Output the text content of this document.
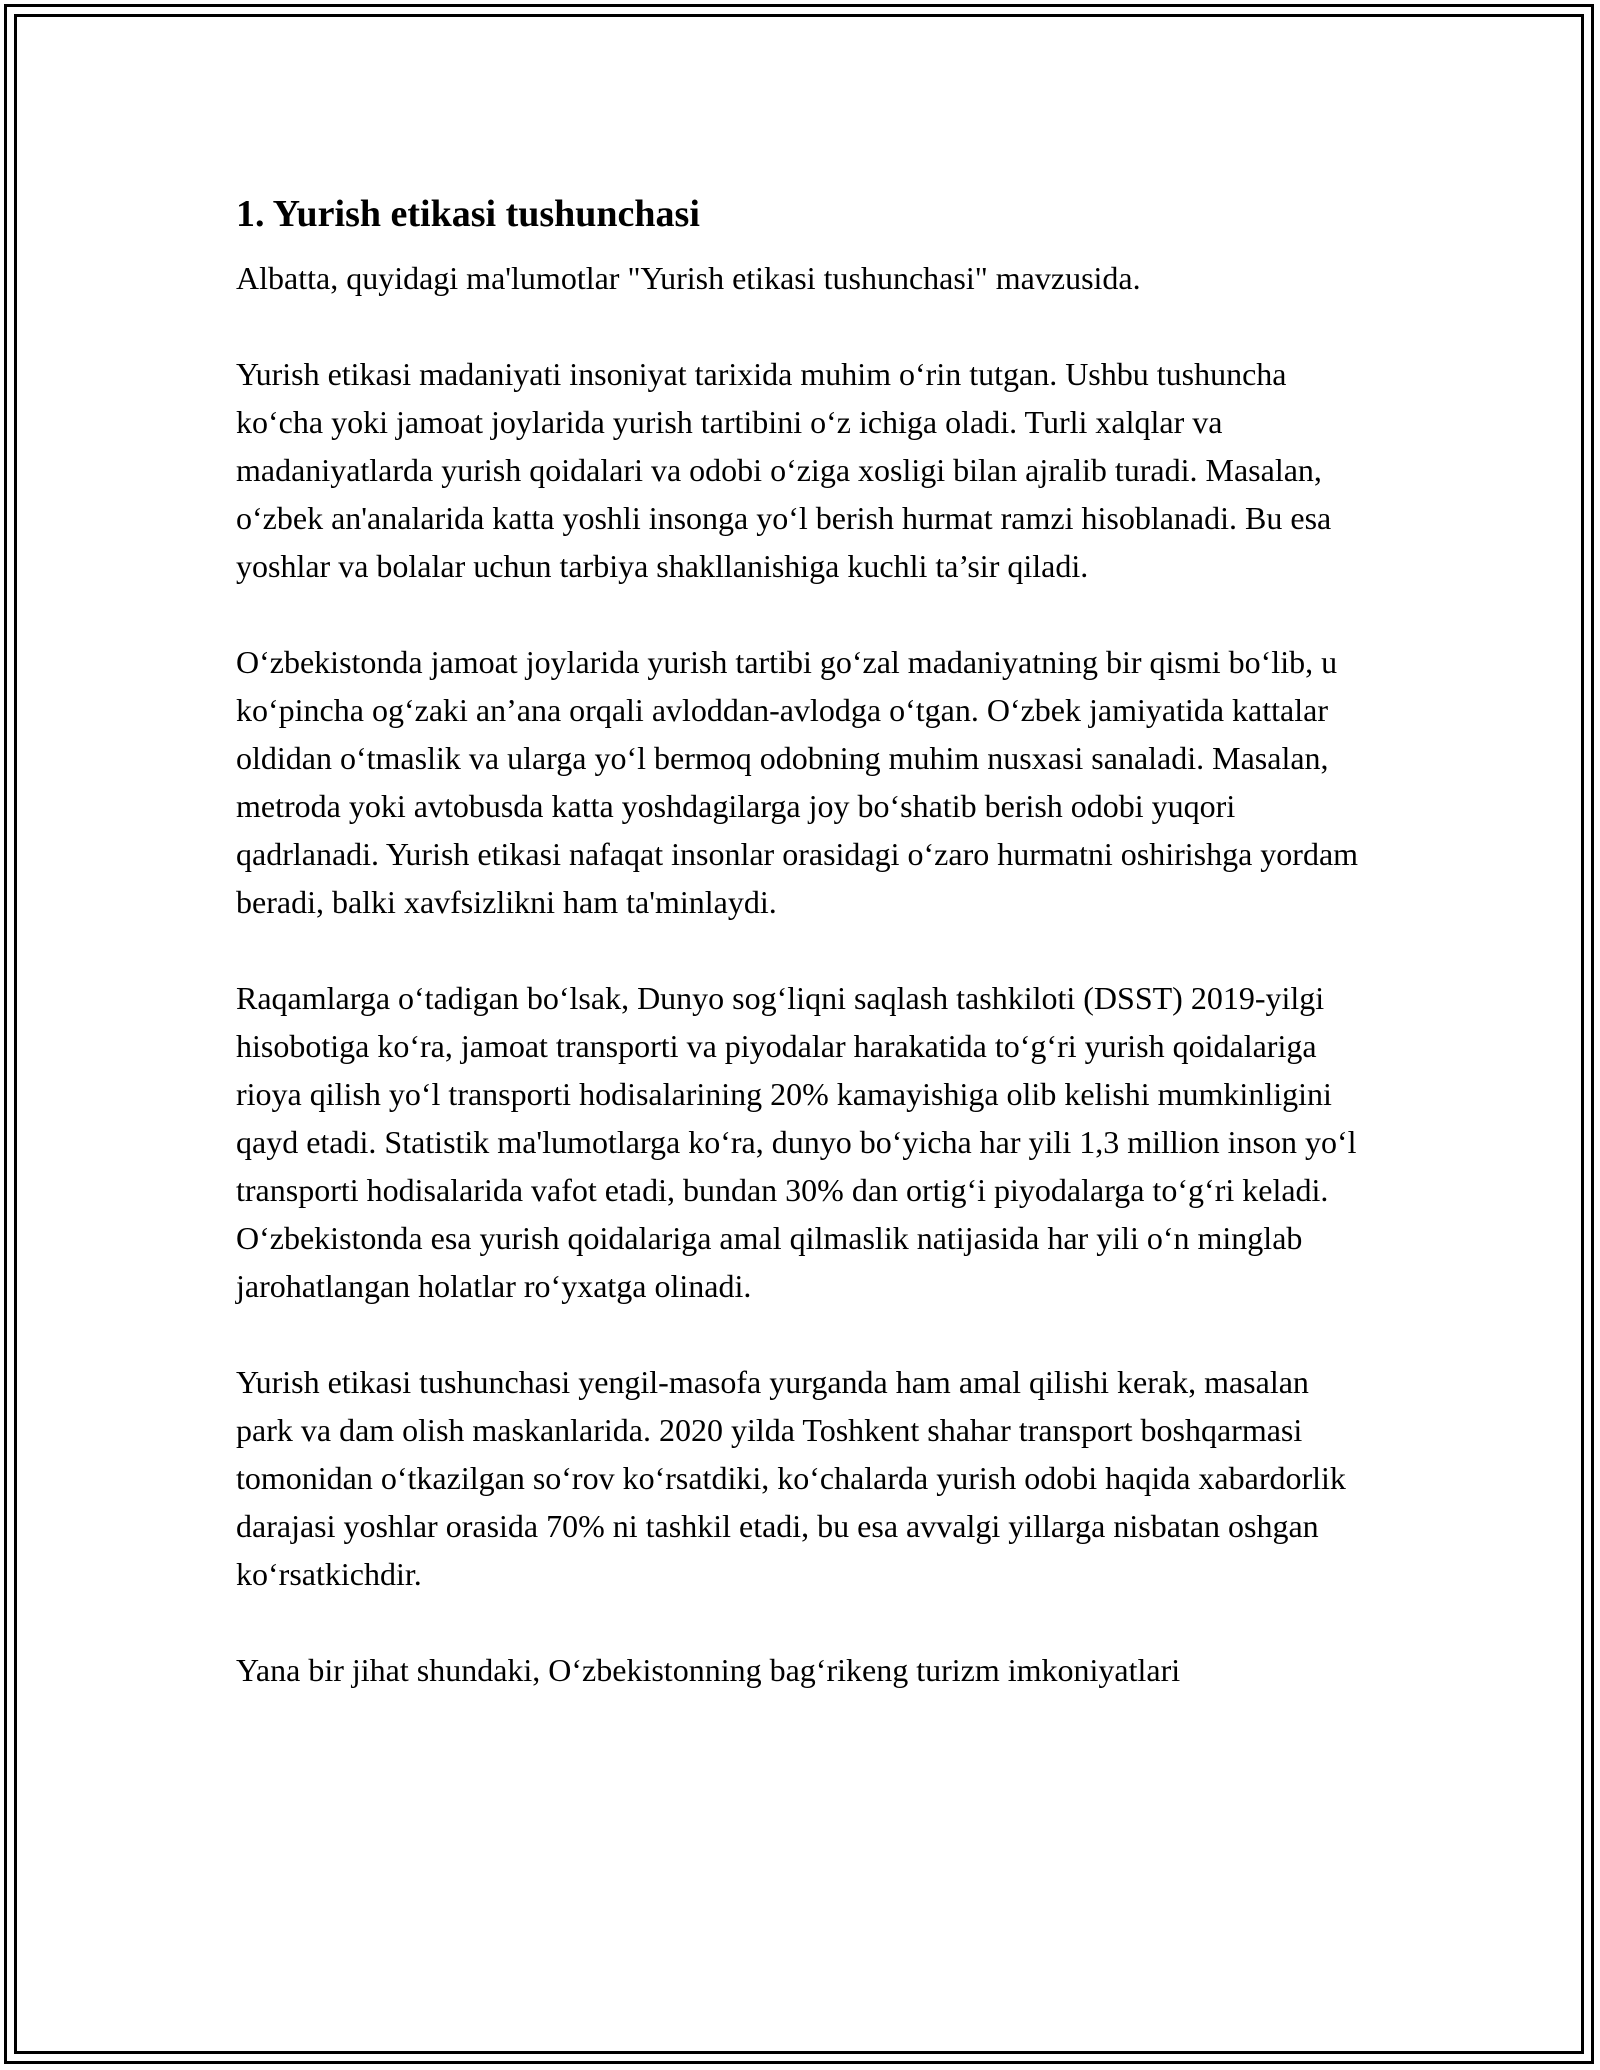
1. Yurish etikasi tushunchasi

Albatta, quyidagi ma'lumotlar "Yurish etikasi tushunchasi" mavzusida.

Yurish etikasi madaniyati insoniyat tarixida muhim oʻrin tutgan. Ushbu tushuncha koʻcha yoki jamoat joylarida yurish tartibini oʻz ichiga oladi. Turli xalqlar va madaniyatlarda yurish qoidalari va odobi oʻziga xosligi bilan ajralib turadi. Masalan, oʻzbek an'analarida katta yoshli insonga yoʻl berish hurmat ramzi hisoblanadi. Bu esa yoshlar va bolalar uchun tarbiya shakllanishiga kuchli ta’sir qiladi.

Oʻzbekistonda jamoat joylarida yurish tartibi goʻzal madaniyatning bir qismi boʻlib, u koʻpincha ogʻzaki an’ana orqali avloddan-avlodga oʻtgan. Oʻzbek jamiyatida kattalar oldidan oʻtmaslik va ularga yoʻl bermoq odobning muhim nusxasi sanaladi. Masalan, metroda yoki avtobusda katta yoshdagilarga joy boʻshatib berish odobi yuqori qadrlanadi. Yurish etikasi nafaqat insonlar orasidagi oʻzaro hurmatni oshirishga yordam beradi, balki xavfsizlikni ham ta'minlaydi.

Raqamlarga oʻtadigan boʻlsak, Dunyo sogʻliqni saqlash tashkiloti (DSST) 2019-yilgi hisobotiga koʻra, jamoat transporti va piyodalar harakatida toʻgʻri yurish qoidalariga rioya qilish yoʻl transporti hodisalarining 20% kamayishiga olib kelishi mumkinligini qayd etadi. Statistik ma'lumotlarga koʻra, dunyo boʻyicha har yili 1,3 million inson yoʻl transporti hodisalarida vafot etadi, bundan 30% dan ortigʻi piyodalarga toʻgʻri keladi. Oʻzbekistonda esa yurish qoidalariga amal qilmaslik natijasida har yili oʻn minglab jarohatlangan holatlar roʻyxatga olinadi.

Yurish etikasi tushunchasi yengil-masofa yurganda ham amal qilishi kerak, masalan park va dam olish maskanlarida. 2020 yilda Toshkent shahar transport boshqarmasi tomonidan oʻtkazilgan soʻrov koʻrsatdiki, koʻchalarda yurish odobi haqida xabardorlik darajasi yoshlar orasida 70% ni tashkil etadi, bu esa avvalgi yillarga nisbatan oshgan koʻrsatkichdir.

Yana bir jihat shundaki, Oʻzbekistonning bagʻrikeng turizm imkoniyatlari
